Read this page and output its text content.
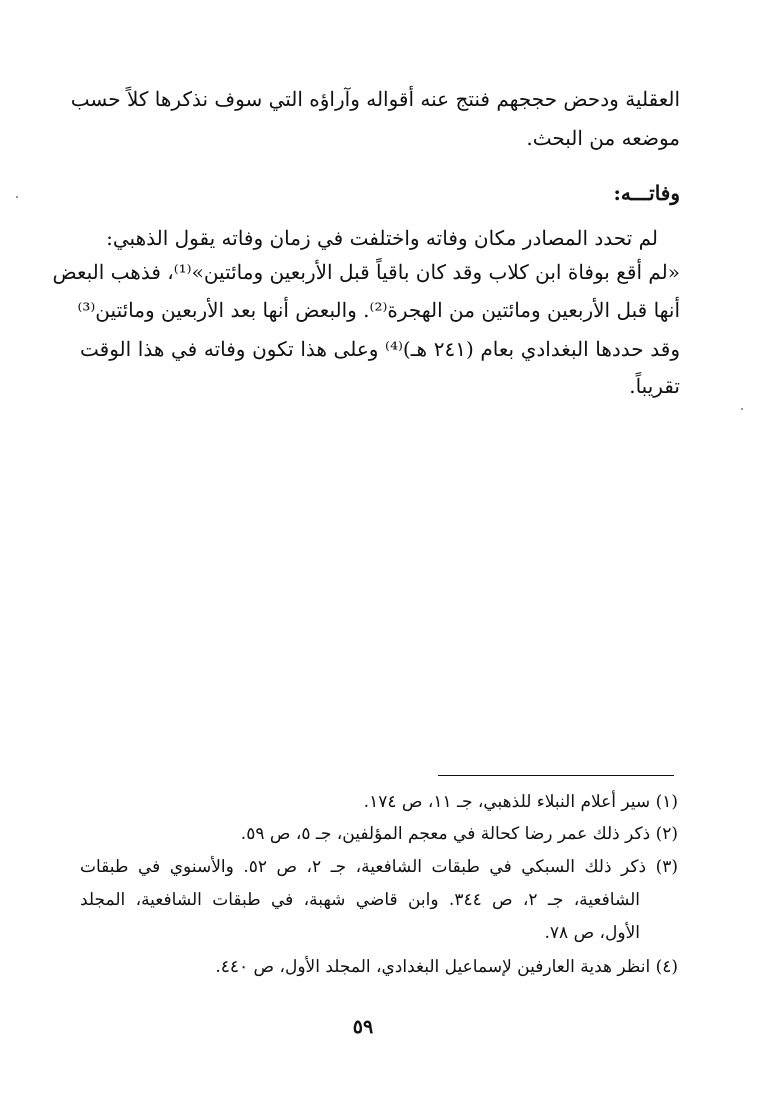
العقلية ودحض حججهم فنتج عنه أقواله وآراؤه التي سوف نذكرها كلاً حسب
موضعه من البحث.
وفاتـــه:
لم تحدد المصادر مكان وفاته واختلفت في زمان وفاته يقول الذهبي:
«لم أقع بوفاة ابن كلاب وقد كان باقياً قبل الأربعين ومائتين»⁽¹⁾، فذهب البعض
أنها قبل الأربعين ومائتين من الهجرة⁽²⁾. والبعض أنها بعد الأربعين ومائتين⁽³⁾
وقد حددها البغدادي بعام (٢٤١ هـ)⁽⁴⁾ وعلى هذا تكون وفاته في هذا الوقت
تقريباً.
(١) سير أعلام النبلاء للذهبي، جـ ١١، ص ١٧٤.
(٢) ذكر ذلك عمر رضا كحالة في معجم المؤلفين، جـ ٥، ص ٥٩.
(٣) ذكر ذلك السبكي في طبقات الشافعية، جـ ٢، ص ٥٢. والأسنوي في طبقات
الشافعية، جـ ٢، ص ٣٤٤. وابن قاضي شهبة، في طبقات الشافعية، المجلد
الأول، ص ٧٨.
(٤) انظر هدية العارفين لإسماعيل البغدادي، المجلد الأول، ص ٤٤٠.
٥٩
